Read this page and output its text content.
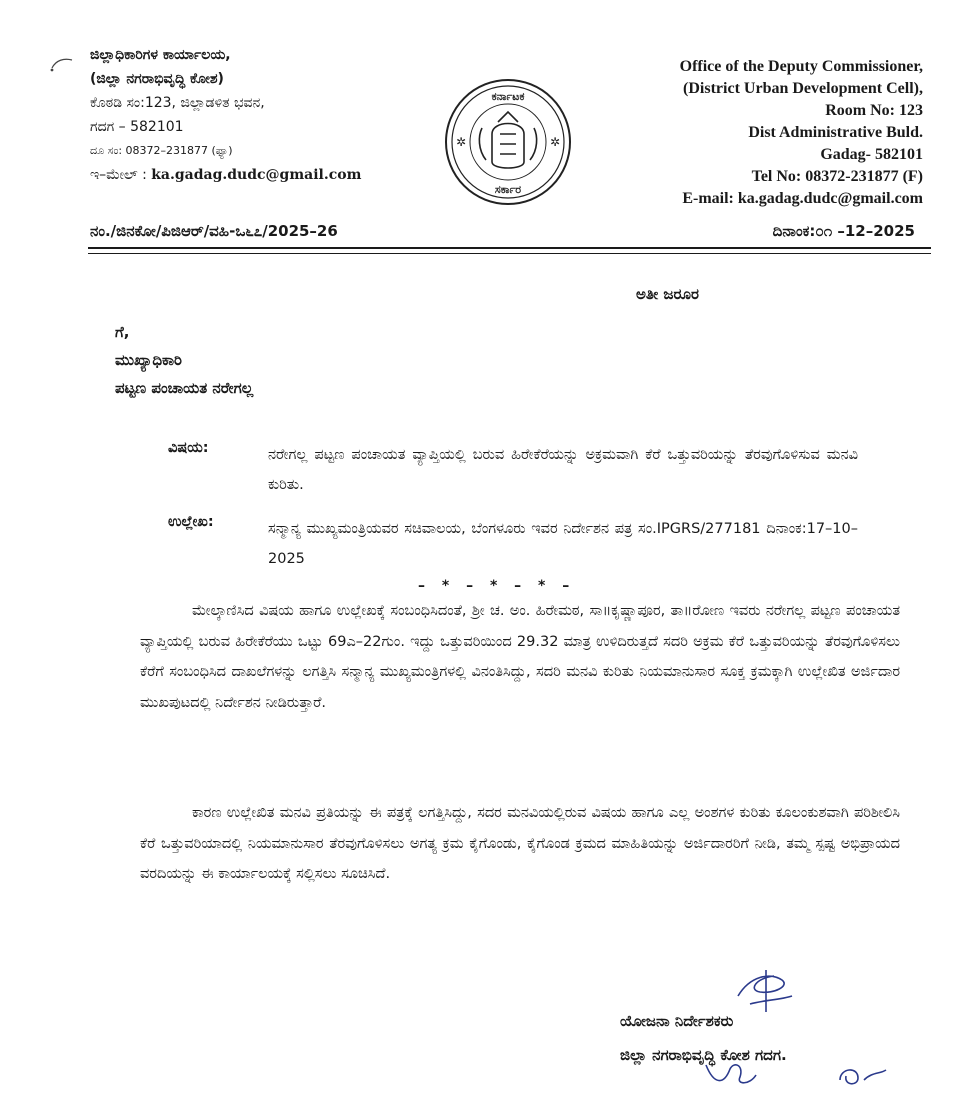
ಜಿಲ್ಲಾಧಿಕಾರಿಗಳ ಕಾರ್ಯಾಲಯ,
(ಜಿಲ್ಲಾ ನಗರಾಭಿವೃದ್ಧಿ ಕೋಶ)
ಕೊಠಡಿ ಸಂ:123, ಜಿಲ್ಲಾಡಳಿತ ಭವನ,
ಗದಗ – 582101
ದೂ ಸಂ: 08372–231877 (ಫ್ಯಾ)
ಇ–ಮೇಲ್ : ka.gadag.dudc@gmail.com
ಕರ್ನಾಟಕ
ಸರ್ಕಾರ
✲	✲
Office of the Deputy Commissioner,
(District Urban Development Cell),
Room No: 123
Dist Administrative Buld.
Gadag- 582101
Tel No: 08372-231877 (F)
E-mail: ka.gadag.dudc@gmail.com
ನಂ./ಜಿನಕೋ/ಪಿಜಿಆರ್/ವಹಿ-ಒ೬೭/2025–26	ದಿನಾಂಕ:೦೧ –12–2025
ಅತೀ ಜರೂರ
ಗೆ,
ಮುಖ್ಯಾಧಿಕಾರಿ
ಪಟ್ಟಣ ಪಂಚಾಯತ ನರೇಗಲ್ಲ
ವಿಷಯ:	ನರೇಗಲ್ಲ ಪಟ್ಟಣ ಪಂಚಾಯತ ವ್ಯಾಪ್ತಿಯಲ್ಲಿ ಬರುವ ಹಿರೇಕೆರೆಯನ್ನು ಅಕ್ರಮವಾಗಿ ಕೆರೆ ಒತ್ತುವರಿಯನ್ನು ತೆರವುಗೊಳಿಸುವ ಮನವಿ ಕುರಿತು.
ಉಲ್ಲೇಖ:	ಸನ್ಮಾನ್ಯ ಮುಖ್ಯಮಂತ್ರಿಯವರ ಸಚಿವಾಲಯ, ಬೆಂಗಳೂರು ಇವರ ನಿರ್ದೇಶನ ಪತ್ರ ಸಂ.IPGRS/277181 ದಿನಾಂಕ:17–10–2025
– * – * – * –
ಮೇಲ್ಕಾಣಿಸಿದ ವಿಷಯ ಹಾಗೂ ಉಲ್ಲೇಖಕ್ಕೆ ಸಂಬಂಧಿಸಿದಂತೆ, ಶ್ರೀ ಚ. ಅಂ. ಹಿರೇಮಠ, ಸಾ॥ಕೃಷ್ಣಾಪೂರ, ತಾ॥ರೋಣ ಇವರು ನರೇಗಲ್ಲ ಪಟ್ಟಣ ಪಂಚಾಯತ ವ್ಯಾಪ್ತಿಯಲ್ಲಿ ಬರುವ ಹಿರೇಕೆರೆಯು ಒಟ್ಟು 69ಎ–22ಗುಂ. ಇದ್ದು ಒತ್ತುವರಿಯಿಂದ 29.32 ಮಾತ್ರ ಉಳಿದಿರುತ್ತದೆ ಸದರಿ ಅಕ್ರಮ ಕೆರೆ ಒತ್ತುವರಿಯನ್ನು ತೆರವುಗೊಳಿಸಲು ಕೆರೆಗೆ ಸಂಬಂಧಿಸಿದ ದಾಖಲೆಗಳನ್ನು ಲಗತ್ತಿಸಿ ಸನ್ಮಾನ್ಯ ಮುಖ್ಯಮಂತ್ರಿಗಳಲ್ಲಿ ವಿನಂತಿಸಿದ್ದು, ಸದರಿ ಮನವಿ ಕುರಿತು ನಿಯಮಾನುಸಾರ ಸೂಕ್ತ ಕ್ರಮಕ್ಕಾಗಿ ಉಲ್ಲೇಖಿತ ಅರ್ಜಿದಾರ ಮುಖಪುಟದಲ್ಲಿ ನಿರ್ದೇಶನ ನೀಡಿರುತ್ತಾರೆ.
ಕಾರಣ ಉಲ್ಲೇಖಿತ ಮನವಿ ಪ್ರತಿಯನ್ನು ಈ ಪತ್ರಕ್ಕೆ ಲಗತ್ತಿಸಿದ್ದು, ಸದರ ಮನವಿಯಲ್ಲಿರುವ ವಿಷಯ ಹಾಗೂ ಎಲ್ಲ ಅಂಶಗಳ ಕುರಿತು ಕೂಲಂಕುಶವಾಗಿ ಪರಿಶೀಲಿಸಿ ಕೆರೆ ಒತ್ತುವರಿಯಾದಲ್ಲಿ ನಿಯಮಾನುಸಾರ ತೆರವುಗೊಳಿಸಲು ಅಗತ್ಯ ಕ್ರಮ ಕೈಗೊಂಡು, ಕೈಗೊಂಡ ಕ್ರಮದ ಮಾಹಿತಿಯನ್ನು ಅರ್ಜಿದಾರರಿಗೆ ನೀಡಿ, ತಮ್ಮ ಸ್ಪಷ್ಟ ಅಭಿಪ್ರಾಯದ ವರದಿಯನ್ನು ಈ ಕಾರ್ಯಾಲಯಕ್ಕೆ ಸಲ್ಲಿಸಲು ಸೂಚಿಸಿದೆ.
ಯೋಜನಾ ನಿರ್ದೇಶಕರು
ಜಿಲ್ಲಾ ನಗರಾಭಿವೃದ್ಧಿ ಕೋಶ ಗದಗ.
